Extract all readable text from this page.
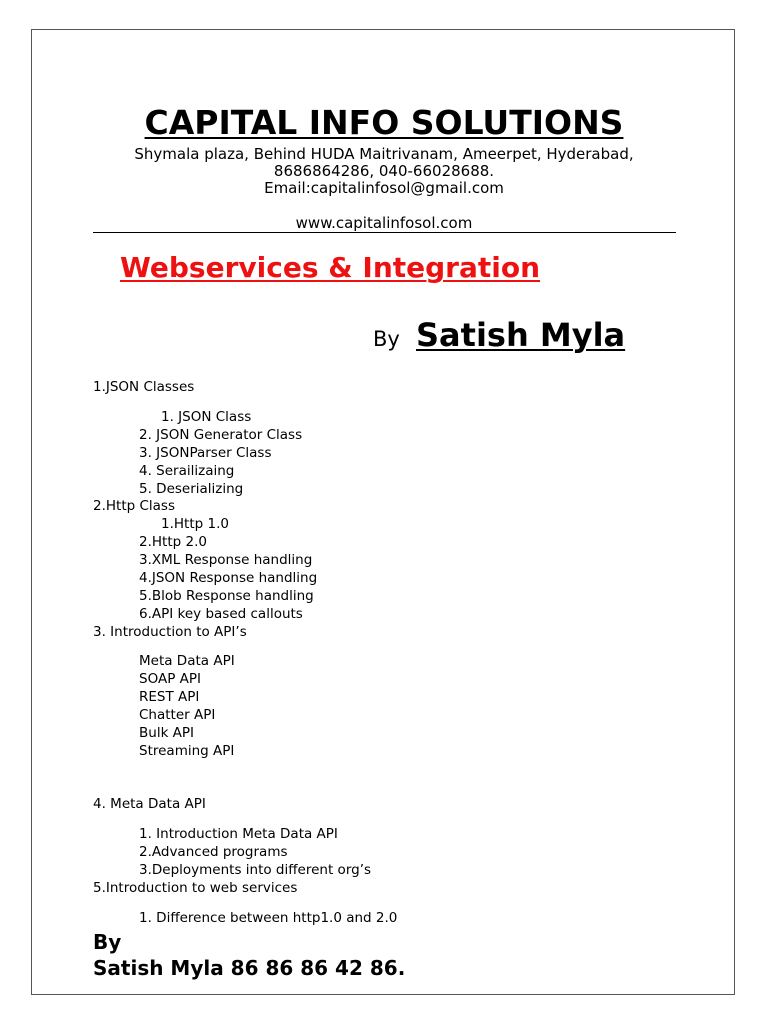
CAPITAL INFO SOLUTIONS
Shymala plaza, Behind HUDA Maitrivanam, Ameerpet, Hyderabad,
8686864286, 040-66028688.
Email:capitalinfosol@gmail.com
www.capitalinfosol.com
Webservices & Integration
By Satish Myla
1.JSON Classes
1. JSON Class
2. JSON Generator Class
3. JSONParser Class
4. Serailizaing
5. Deserializing
2.Http Class
1.Http 1.0
2.Http 2.0
3.XML Response handling
4.JSON Response handling
5.Blob Response handling
6.API key based callouts
3. Introduction to API’s
Meta Data API
SOAP API
REST API
Chatter API
Bulk API
Streaming API
4. Meta Data API
1. Introduction Meta Data API
2.Advanced programs
3.Deployments into different org’s
5.Introduction to web services
1. Difference between http1.0 and 2.0
By
Satish Myla 86 86 86 42 86.
